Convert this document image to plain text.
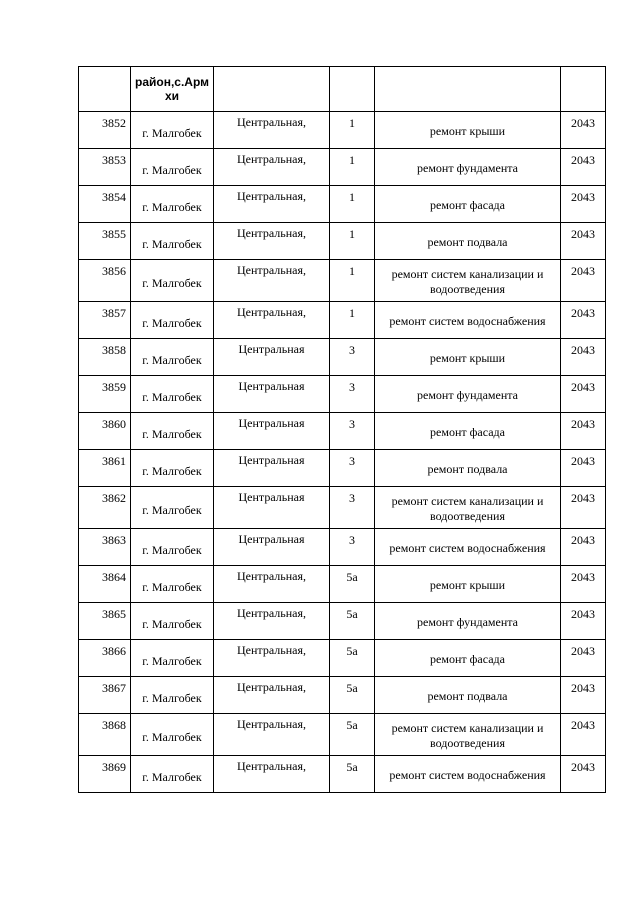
	район,с.Арм хи				
3852	г. Малгобек	Центральная,	1	ремонт крыши	2043
3853	г. Малгобек	Центральная,	1	ремонт фундамента	2043
3854	г. Малгобек	Центральная,	1	ремонт фасада	2043
3855	г. Малгобек	Центральная,	1	ремонт подвала	2043
3856	г. Малгобек	Центральная,	1	ремонт систем канализации и водоотведения	2043
3857	г. Малгобек	Центральная,	1	ремонт систем водоснабжения	2043
3858	г. Малгобек	Центральная	3	ремонт крыши	2043
3859	г. Малгобек	Центральная	3	ремонт фундамента	2043
3860	г. Малгобек	Центральная	3	ремонт фасада	2043
3861	г. Малгобек	Центральная	3	ремонт подвала	2043
3862	г. Малгобек	Центральная	3	ремонт систем канализации и водоотведения	2043
3863	г. Малгобек	Центральная	3	ремонт систем водоснабжения	2043
3864	г. Малгобек	Центральная,	5а	ремонт крыши	2043
3865	г. Малгобек	Центральная,	5а	ремонт фундамента	2043
3866	г. Малгобек	Центральная,	5а	ремонт фасада	2043
3867	г. Малгобек	Центральная,	5а	ремонт подвала	2043
3868	г. Малгобек	Центральная,	5а	ремонт систем канализации и водоотведения	2043
3869	г. Малгобек	Центральная,	5а	ремонт систем водоснабжения	2043
